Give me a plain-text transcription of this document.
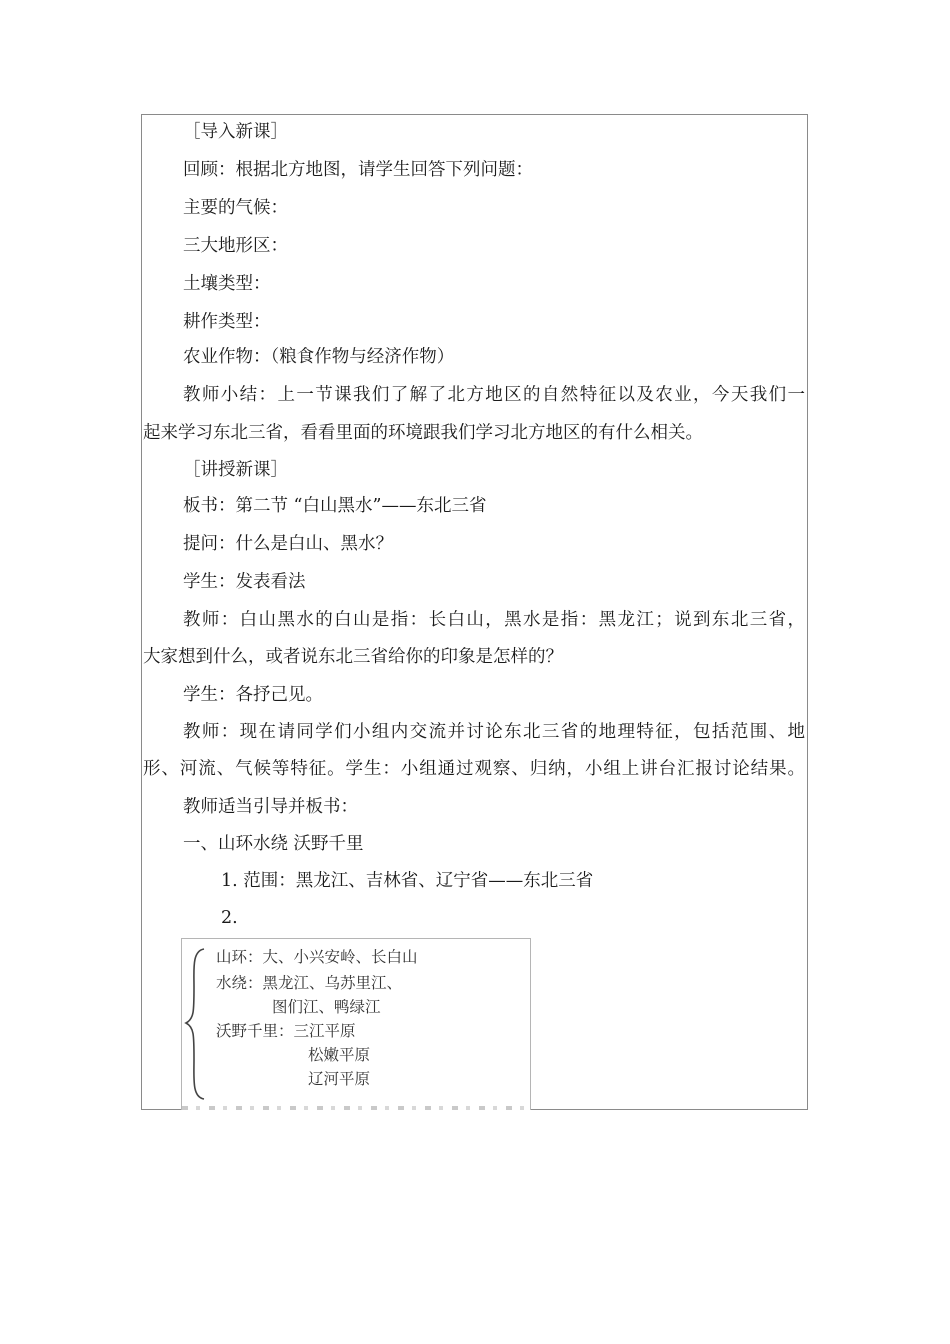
［导入新课］
回顾：根据北方地图，请学生回答下列问题：
主要的气候：
三大地形区：
土壤类型：
耕作类型：
农业作物：（粮食作物与经济作物）
教师小结：上一节课我们了解了北方地区的自然特征以及农业，今天我们一
起来学习东北三省，看看里面的环境跟我们学习北方地区的有什么相关。
［讲授新课］
板书：第二节 “白山黑水”——东北三省
提问：什么是白山、黑水？
学生：发表看法
教师：白山黑水的白山是指：长白山，黑水是指：黑龙江；说到东北三省，
大家想到什么，或者说东北三省给你的印象是怎样的？
学生：各抒己见。
教师：现在请同学们小组内交流并讨论东北三省的地理特征，包括范围、地
形、河流、气候等特征。学生：小组通过观察、归纳，小组上讲台汇报讨论结果。
教师适当引导并板书：
一、山环水绕 沃野千里
1. 范围：黑龙江、吉林省、辽宁省——东北三省
2.
山环：大、小兴安岭、长白山
水绕：黑龙江、乌苏里江、
图们江、鸭绿江
沃野千里：三江平原
松嫩平原
辽河平原
